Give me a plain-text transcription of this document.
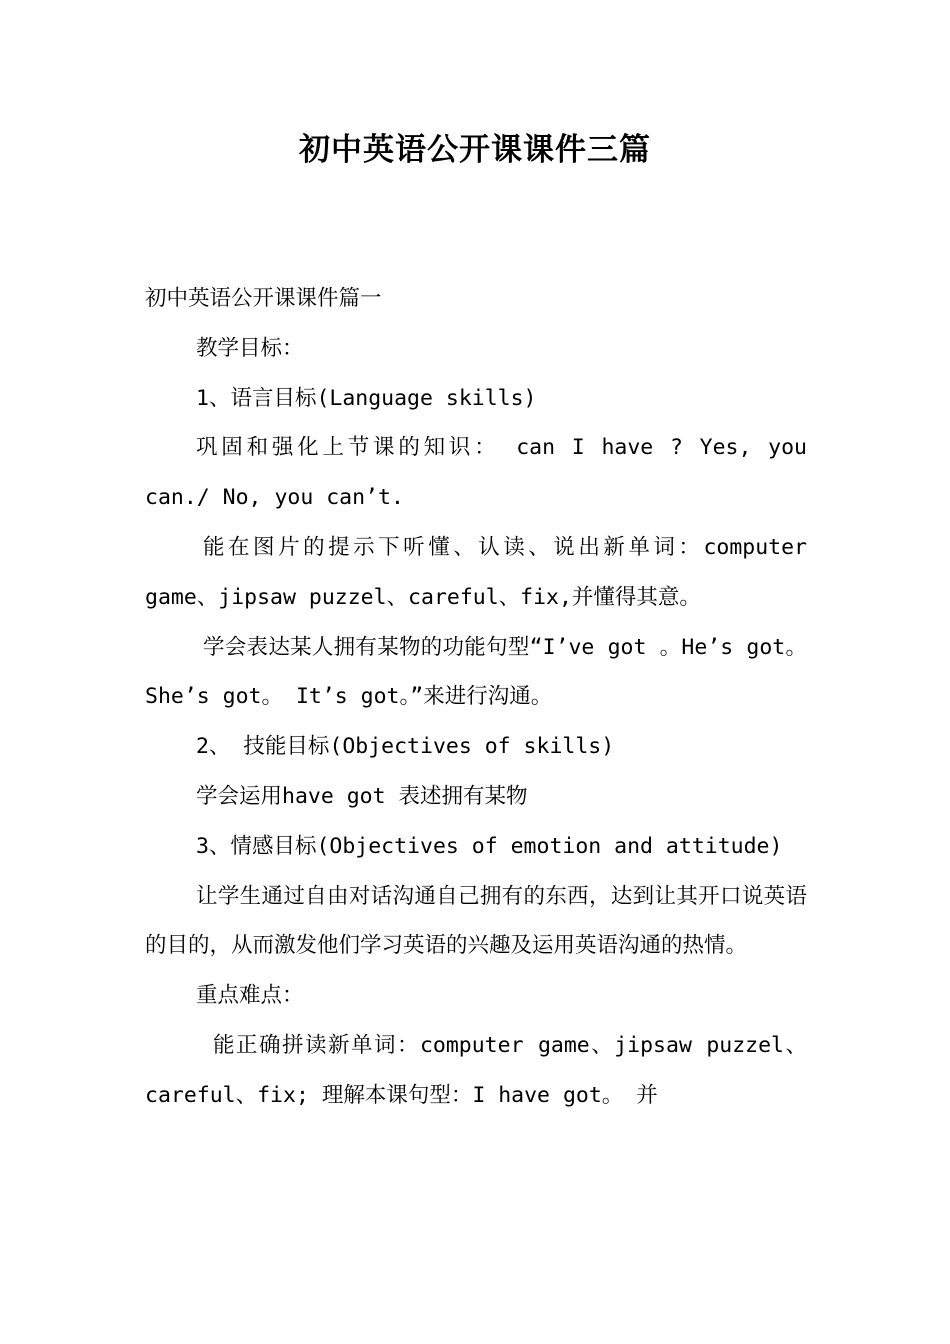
初中英语公开课课件三篇

初中英语公开课课件篇一

教学目标：

1、语言目标(Language skills)

巩固和强化上节课的知识： can I have ? Yes, you can./ No, you can’t.

能在图片的提示下听懂、认读、说出新单词：computer game、jipsaw puzzel、careful、fix,并懂得其意。

学会表达某人拥有某物的功能句型“I’ve got 。He’s got。 She’s got。 It’s got。”来进行沟通。

2、 技能目标(Objectives of skills)

学会运用have got 表述拥有某物

3、情感目标(Objectives of emotion and attitude)

让学生通过自由对话沟通自己拥有的东西，达到让其开口说英语的目的，从而激发他们学习英语的兴趣及运用英语沟通的热情。

重点难点：

能正确拼读新单词：computer game、jipsaw puzzel、careful、fix; 理解本课句型：I have got。 并
